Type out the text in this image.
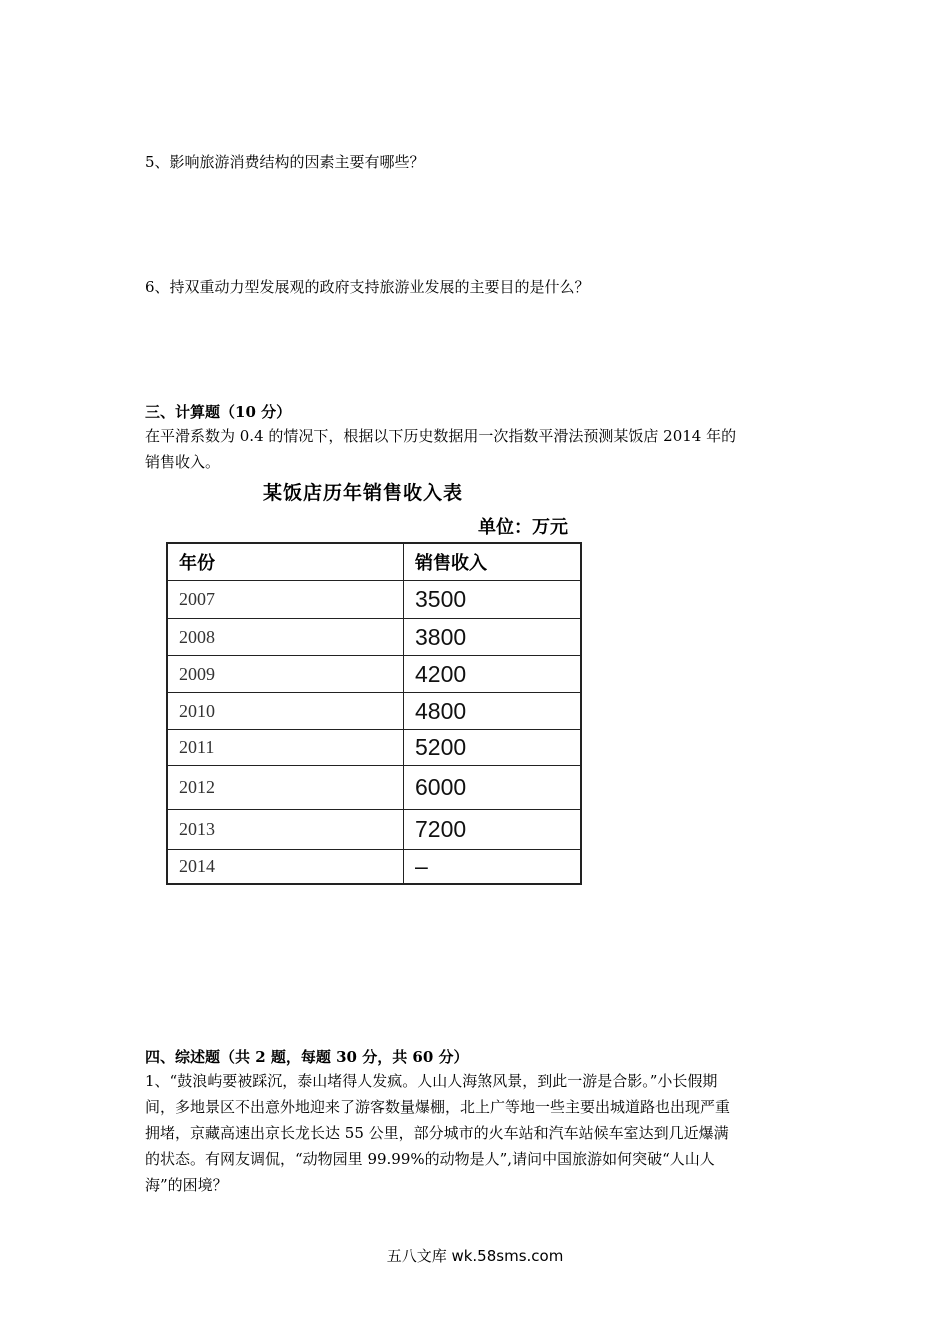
5、影响旅游消费结构的因素主要有哪些？
6、持双重动力型发展观的政府支持旅游业发展的主要目的是什么？
三、计算题（10 分）
在平滑系数为 0.4 的情况下，根据以下历史数据用一次指数平滑法预测某饭店 2014 年的
销售收入。
某饭店历年销售收入表
单位：万元
年份	销售收入
2007	3500
2008	3800
2009	4200
2010	4800
2011	5200
2012	6000
2013	7200
2014	–
四、综述题（共 2 题，每题 30 分，共 60 分）
1、“鼓浪屿要被踩沉，泰山堵得人发疯。人山人海煞风景，到此一游是合影。”小长假期
间，多地景区不出意外地迎来了游客数量爆棚，北上广等地一些主要出城道路也出现严重
拥堵，京藏高速出京长龙长达 55 公里，部分城市的火车站和汽车站候车室达到几近爆满
的状态。有网友调侃，“动物园里 99.99%的动物是人”,请问中国旅游如何突破“人山人
海”的困境？
五八文库 wk.58sms.com
